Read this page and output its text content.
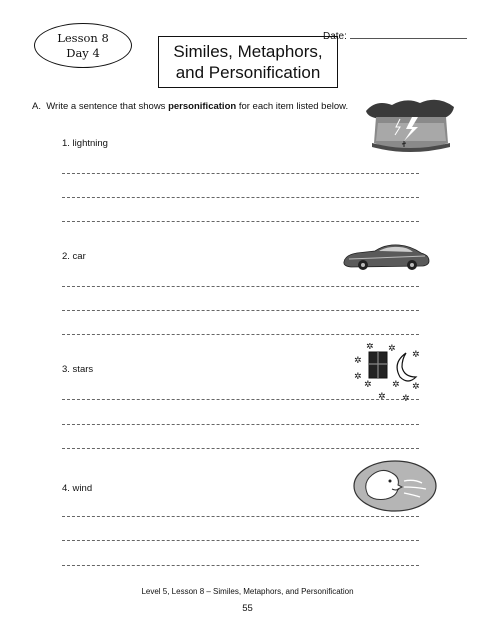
Lesson 8
Day 4	Similes, Metaphors,
and Personification
Date:
A. Write a sentence that shows personification for each item listed below.
1. lightning
2. car
3. stars
✲
✲ ✲
✲
✲
✲
✲ ✲
✲
✲
4. wind
Level 5, Lesson 8 – Similes, Metaphors, and Personification
55
